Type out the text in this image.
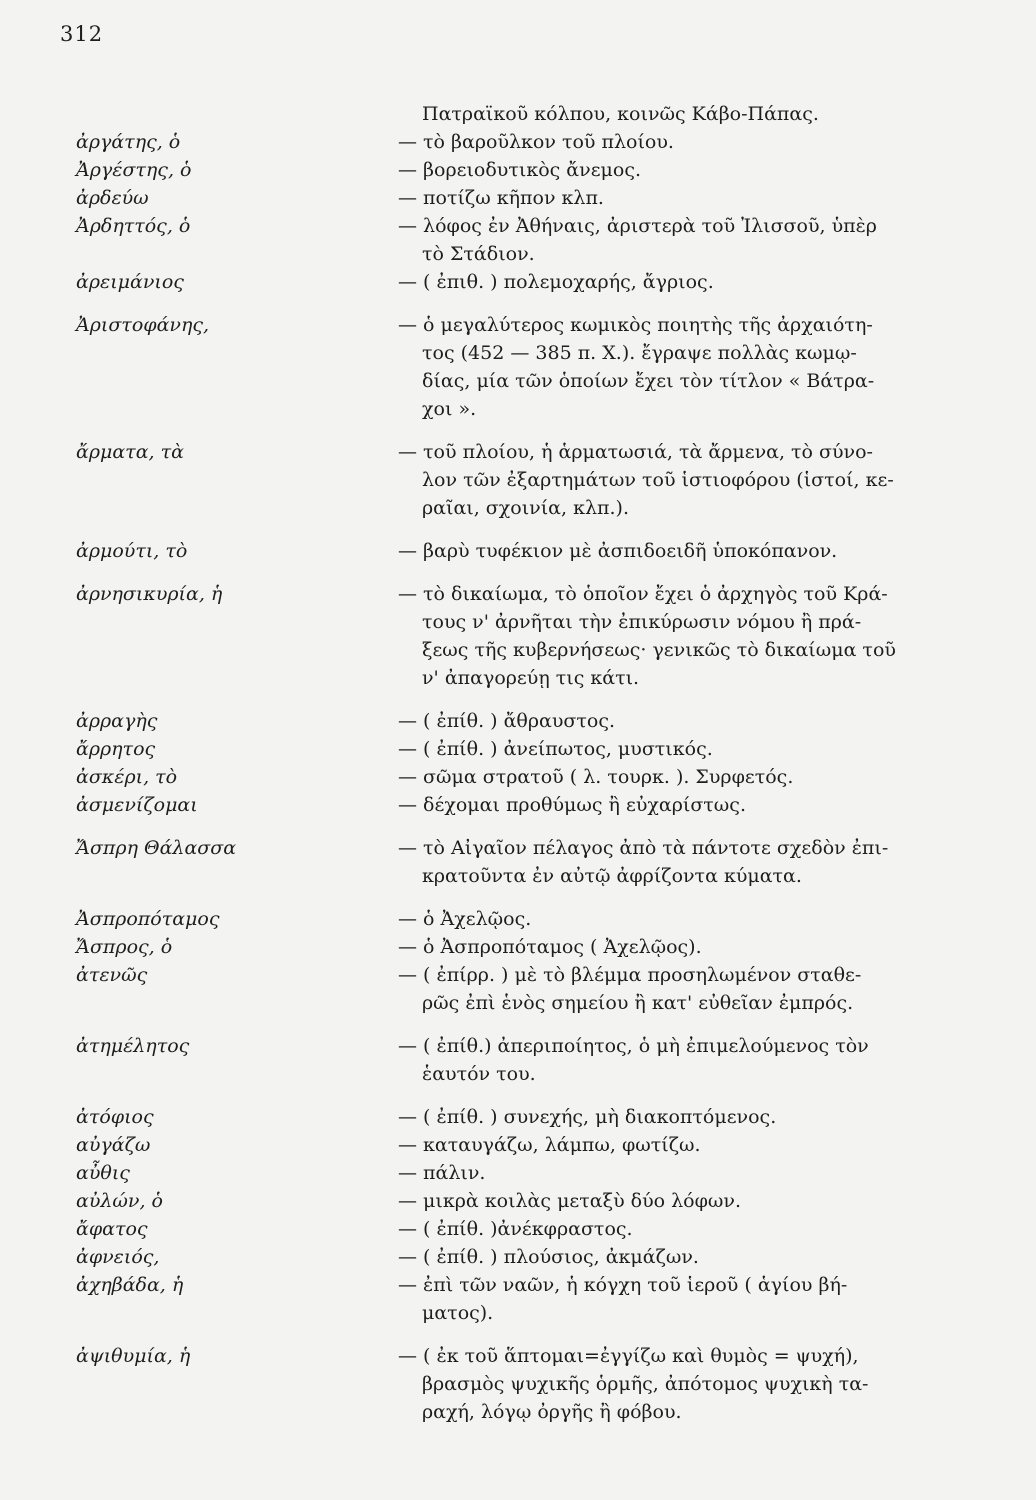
312
Πατραϊκοῦ κόλπου, κοινῶς Κάβο-Πάπας.
ἀργάτης, ὁ	— τὸ βαροῦλκον τοῦ πλοίου.
Ἀργέστης, ὁ	— βορειοδυτικὸς ἄνεμος.
ἀρδεύω	— ποτίζω κῆπον κλπ.
Ἀρδηττός, ὁ	— λόφος ἐν Ἀθήναις, ἀριστερὰ τοῦ Ἰλισσοῦ, ὑπὲρ
τὸ Στάδιον.
ἀρειμάνιος	— ( ἐπιθ. ) πολεμοχαρής, ἄγριος.
Ἀριστοφάνης,	— ὁ μεγαλύτερος κωμικὸς ποιητὴς τῆς ἀρχαιότη-
τος (452 — 385 π. Χ.). ἔγραψε πολλὰς κωμῳ-
δίας, μία τῶν ὁποίων ἔχει τὸν τίτλον « Βάτρα-
χοι ».
ἄρματα, τὰ	— τοῦ πλοίου, ἡ ἁρματωσιά, τὰ ἄρμενα, τὸ σύνο-
λον τῶν ἐξαρτημάτων τοῦ ἱστιοφόρου (ἱστοί, κε-
ραῖαι, σχοινία, κλπ.).
ἀρμούτι, τὸ	— βαρὺ τυφέκιον μὲ ἀσπιδοειδῆ ὑποκόπανον.
ἀρνησικυρία, ἡ	— τὸ δικαίωμα, τὸ ὁποῖον ἔχει ὁ ἀρχηγὸς τοῦ Κρά-
τους ν' ἀρνῆται τὴν ἐπικύρωσιν νόμου ἢ πρά-
ξεως τῆς κυβερνήσεως· γενικῶς τὸ δικαίωμα τοῦ
ν' ἀπαγορεύῃ τις κάτι.
ἀρραγὴς	— ( ἐπίθ. ) ἄθραυστος.
ἄρρητος	— ( ἐπίθ. ) ἀνείπωτος, μυστικός.
ἀσκέρι, τὸ	— σῶμα στρατοῦ ( λ. τουρκ. ). Συρφετός.
ἀσμενίζομαι	— δέχομαι προθύμως ἢ εὐχαρίστως.
Ἄσπρη Θάλασσα	— τὸ Αἰγαῖον πέλαγος ἀπὸ τὰ πάντοτε σχεδὸν ἐπι-
κρατοῦντα ἐν αὐτῷ ἀφρίζοντα κύματα.
Ἀσπροπόταμος	— ὁ Ἀχελῷος.
Ἄσπρος, ὁ	— ὁ Ἀσπροπόταμος ( Ἀχελῷος).
ἀτενῶς	— ( ἐπίρρ. ) μὲ τὸ βλέμμα προσηλωμένον σταθε-
ρῶς ἐπὶ ἑνὸς σημείου ἢ κατ' εὐθεῖαν ἐμπρός.
ἀτημέλητος	— ( ἐπίθ.) ἀπεριποίητος, ὁ μὴ ἐπιμελούμενος τὸν
ἑαυτόν του.
ἀτόφιος	— ( ἐπίθ. ) συνεχής, μὴ διακοπτόμενος.
αὐγάζω	— καταυγάζω, λάμπω, φωτίζω.
αὖθις	— πάλιν.
αὐλών, ὁ	— μικρὰ κοιλὰς μεταξὺ δύο λόφων.
ἄφατος	— ( ἐπίθ. )ἀνέκφραστος.
ἀφνειός,	— ( ἐπίθ. ) πλούσιος, ἀκμάζων.
ἀχηβάδα, ἡ	— ἐπὶ τῶν ναῶν, ἡ κόγχη τοῦ ἱεροῦ ( ἁγίου βή-
ματος).
ἀψιθυμία, ἡ	— ( ἐκ τοῦ ἅπτομαι=ἐγγίζω καὶ θυμὸς = ψυχή),
βρασμὸς ψυχικῆς ὁρμῆς, ἀπότομος ψυχικὴ τα-
ραχή, λόγῳ ὀργῆς ἢ φόβου.
